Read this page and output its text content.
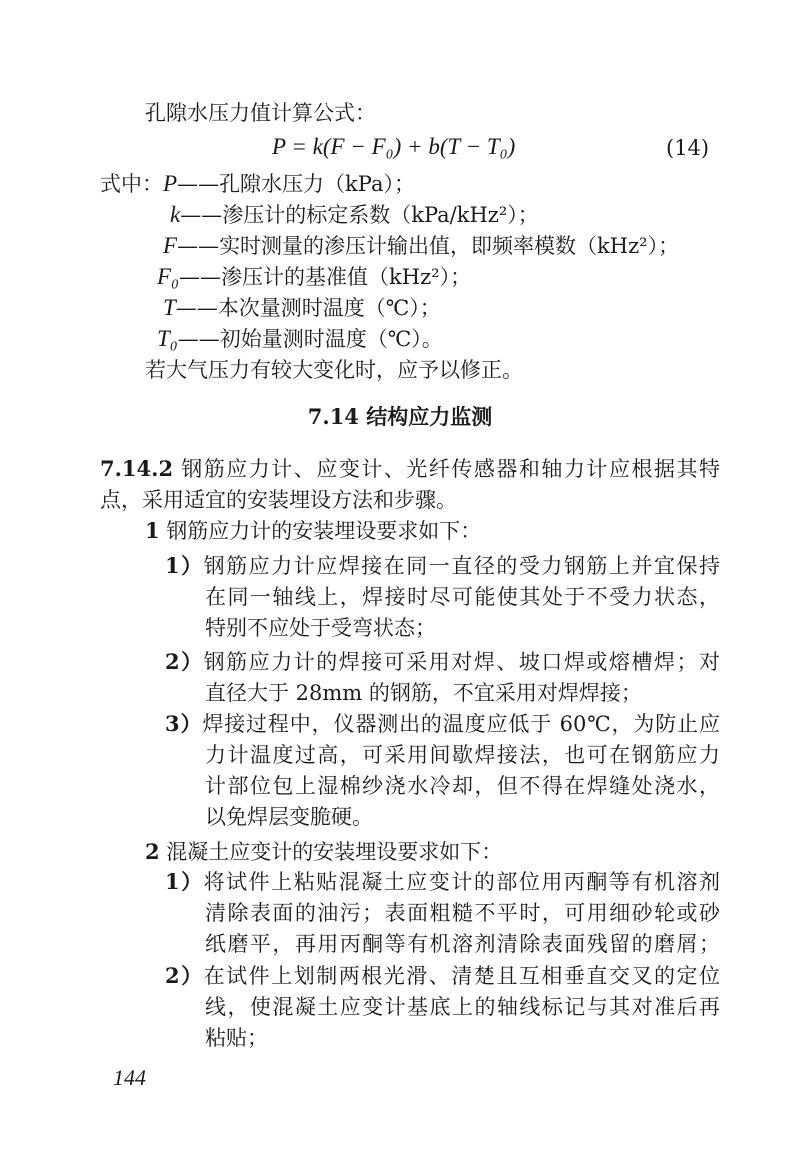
孔隙水压力值计算公式：
P = k(F − F₀) + b(T − T₀)	(14)
式中：P——孔隙水压力（kPa）；
k——渗压计的标定系数（kPa/kHz²）；
F——实时测量的渗压计输出值，即频率模数（kHz²）；
F₀——渗压计的基准值（kHz²）；
T——本次量测时温度（℃）；
T₀——初始量测时温度（℃）。
若大气压力有较大变化时，应予以修正。
7.14 结构应力监测
7.14.2 钢筋应力计、应变计、光纤传感器和轴力计应根据其特
点，采用适宜的安装埋设方法和步骤。
1 钢筋应力计的安装埋设要求如下：
1）钢筋应力计应焊接在同一直径的受力钢筋上并宜保持
在同一轴线上，焊接时尽可能使其处于不受力状态，
特别不应处于受弯状态；
2）钢筋应力计的焊接可采用对焊、坡口焊或熔槽焊；对
直径大于 28mm 的钢筋，不宜采用对焊焊接；
3）焊接过程中，仪器测出的温度应低于 60℃，为防止应
力计温度过高，可采用间歇焊接法，也可在钢筋应力
计部位包上湿棉纱浇水冷却，但不得在焊缝处浇水，
以免焊层变脆硬。
2 混凝土应变计的安装埋设要求如下：
1）将试件上粘贴混凝土应变计的部位用丙酮等有机溶剂
清除表面的油污；表面粗糙不平时，可用细砂轮或砂
纸磨平，再用丙酮等有机溶剂清除表面残留的磨屑；
2）在试件上划制两根光滑、清楚且互相垂直交叉的定位
线，使混凝土应变计基底上的轴线标记与其对准后再
粘贴；
144
